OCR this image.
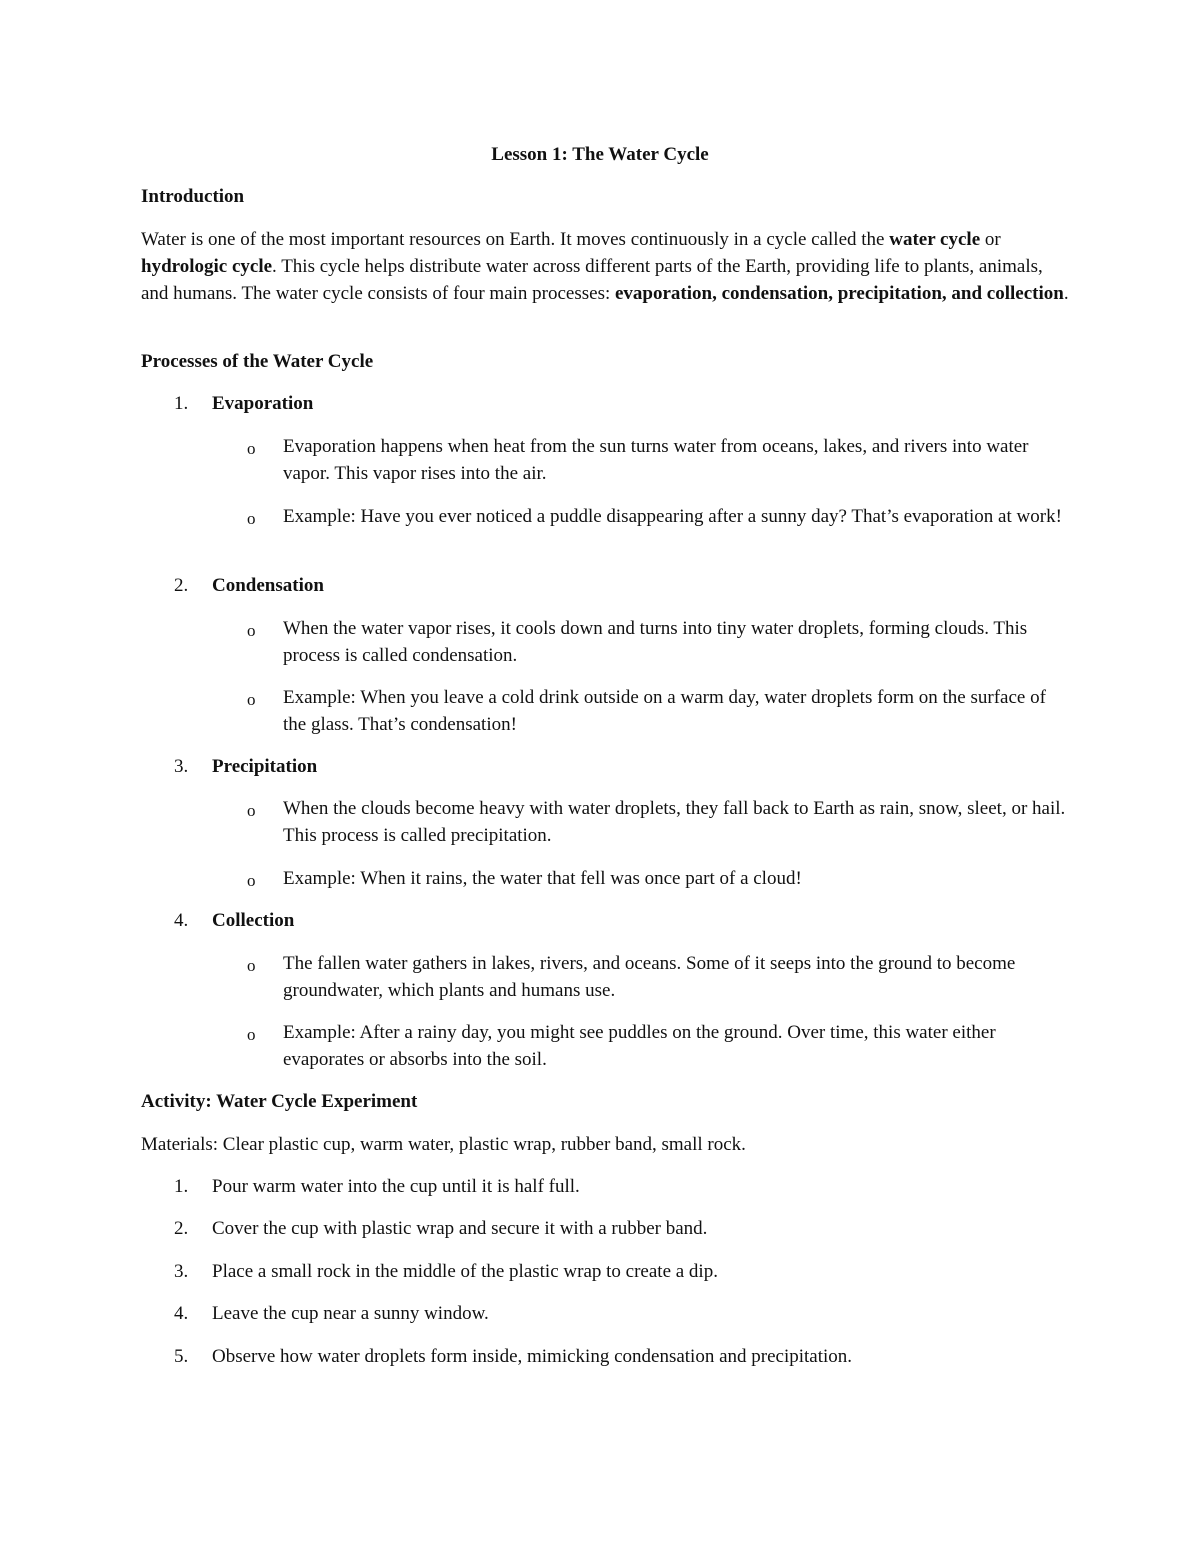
Lesson 1: The Water Cycle
Introduction
Water is one of the most important resources on Earth. It moves continuously in a cycle called the water cycle or hydrologic cycle. This cycle helps distribute water across different parts of the Earth, providing life to plants, animals, and humans. The water cycle consists of four main processes: evaporation, condensation, precipitation, and collection.
Processes of the Water Cycle
1.	Evaporation
o Evaporation happens when heat from the sun turns water from oceans, lakes, and rivers into water vapor. This vapor rises into the air.
o Example: Have you ever noticed a puddle disappearing after a sunny day? That’s evaporation at work!
2.	Condensation
o When the water vapor rises, it cools down and turns into tiny water droplets, forming clouds. This process is called condensation.
o Example: When you leave a cold drink outside on a warm day, water droplets form on the surface of the glass. That’s condensation!
3.	Precipitation
o When the clouds become heavy with water droplets, they fall back to Earth as rain, snow, sleet, or hail. This process is called precipitation.
o Example: When it rains, the water that fell was once part of a cloud!
4.	Collection
o The fallen water gathers in lakes, rivers, and oceans. Some of it seeps into the ground to become groundwater, which plants and humans use.
o Example: After a rainy day, you might see puddles on the ground. Over time, this water either evaporates or absorbs into the soil.
Activity: Water Cycle Experiment
Materials: Clear plastic cup, warm water, plastic wrap, rubber band, small rock.
1.	Pour warm water into the cup until it is half full.
2.	Cover the cup with plastic wrap and secure it with a rubber band.
3.	Place a small rock in the middle of the plastic wrap to create a dip.
4.	Leave the cup near a sunny window.
5.	Observe how water droplets form inside, mimicking condensation and precipitation.
